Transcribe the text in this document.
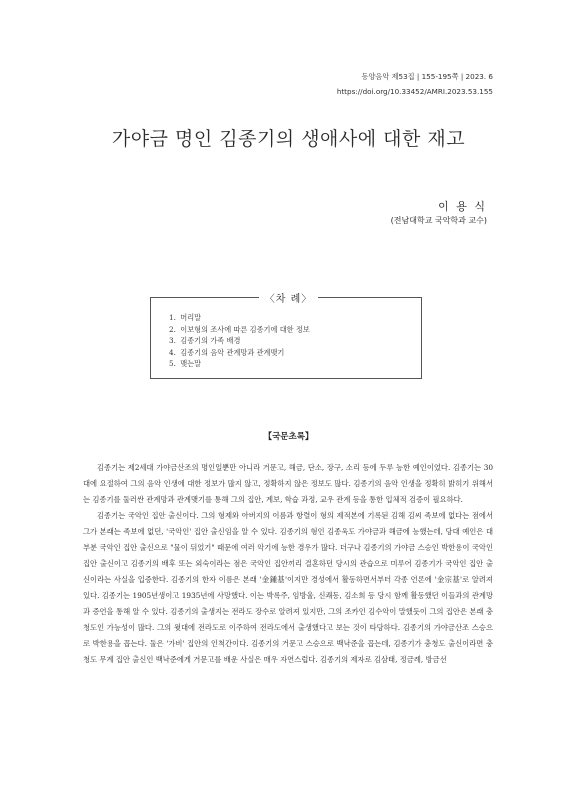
동양음악 제53집 | 155-195쪽 | 2023. 6
https://doi.org/10.33452/AMRI.2023.53.155
가야금 명인 김종기의 생애사에 대한 재고
이 용 식
(전남대학교 국악학과 교수)
1. 머리말
2. 이보형의 조사에 따른 김종기에 대한 정보
3. 김종기의 가족 배경
4. 김종기의 음악 관계망과 관계맺기
5. 맺는말
〈차 례〉
【국문초록】

김종기는 제2세대 가야금산조의 명인일뿐만 아니라 거문고, 해금, 단소, 장구, 소리 등에 두루 능한 예인이었다. 김종기는 30대에 요절하여 그의 음악 인생에 대한 정보가 많지 않고, 정확하지 않은 정보도 많다. 김종기의 음악 인생을 정확히 밝히기 위해서는 김종기를 둘러싼 관계망과 관계맺기를 통해 그의 집안, 계보, 학습 과정, 교우 관계 등을 통한 입체적 검증이 필요하다.

김종기는 국악인 집안 출신이다. 그의 형제와 아버지의 이름과 항렬이 형의 제적본에 기록된 김해 김씨 족보에 없다는 점에서 그가 본래는 족보에 없던, '국악인' 집안 출신임을 알 수 있다. 김종기의 형인 김종욱도 가야금과 해금에 능했는데, 당대 예인은 대부분 국악인 집안 출신으로 "물이 뒤었기" 때문에 여러 악기에 능한 경우가 많다. 더구나 김종기의 가야금 스승인 박한용이 국악인 집안 출신이고 김종기의 배후 또는 외숙이라는 점은 국악인 집안끼리 결혼하던 당시의 관습으로 미루어 김종기가 국악인 집안 출신이라는 사실을 입증한다. 김종기의 한자 이름은 본래 '金鍾基'이지만 경성에서 활동하면서부터 각종 언론에 '金宗基'로 알려져 있다. 김종기는 1905년생이고 1935년에 사망했다. 이는 박록주, 임방울, 신쾌동, 김소희 등 당시 함께 활동했던 이들과의 관계망과 증언을 통해 알 수 있다. 김종기의 출생지는 전라도 장수로 알려져 있지만, 그의 조카인 김수악이 말했듯이 그의 집안은 본래 충청도인 가능성이 많다. 그의 윗대에 전라도로 이주하여 전라도에서 출생했다고 보는 것이 타당하다. 김종기의 가야금산조 스승으로 박한용을 꼽는다. 둘은 '가비' 집안의 인척간이다. 김종기의 거문고 스승으로 백낙준을 꼽는데, 김종기가 충청도 출신이라면 충청도 무계 집안 출신인 백낙준에게 거문고를 배운 사실은 매우 자연스럽다. 김종기의 제자로 김삼태, 정금례, 방금선
